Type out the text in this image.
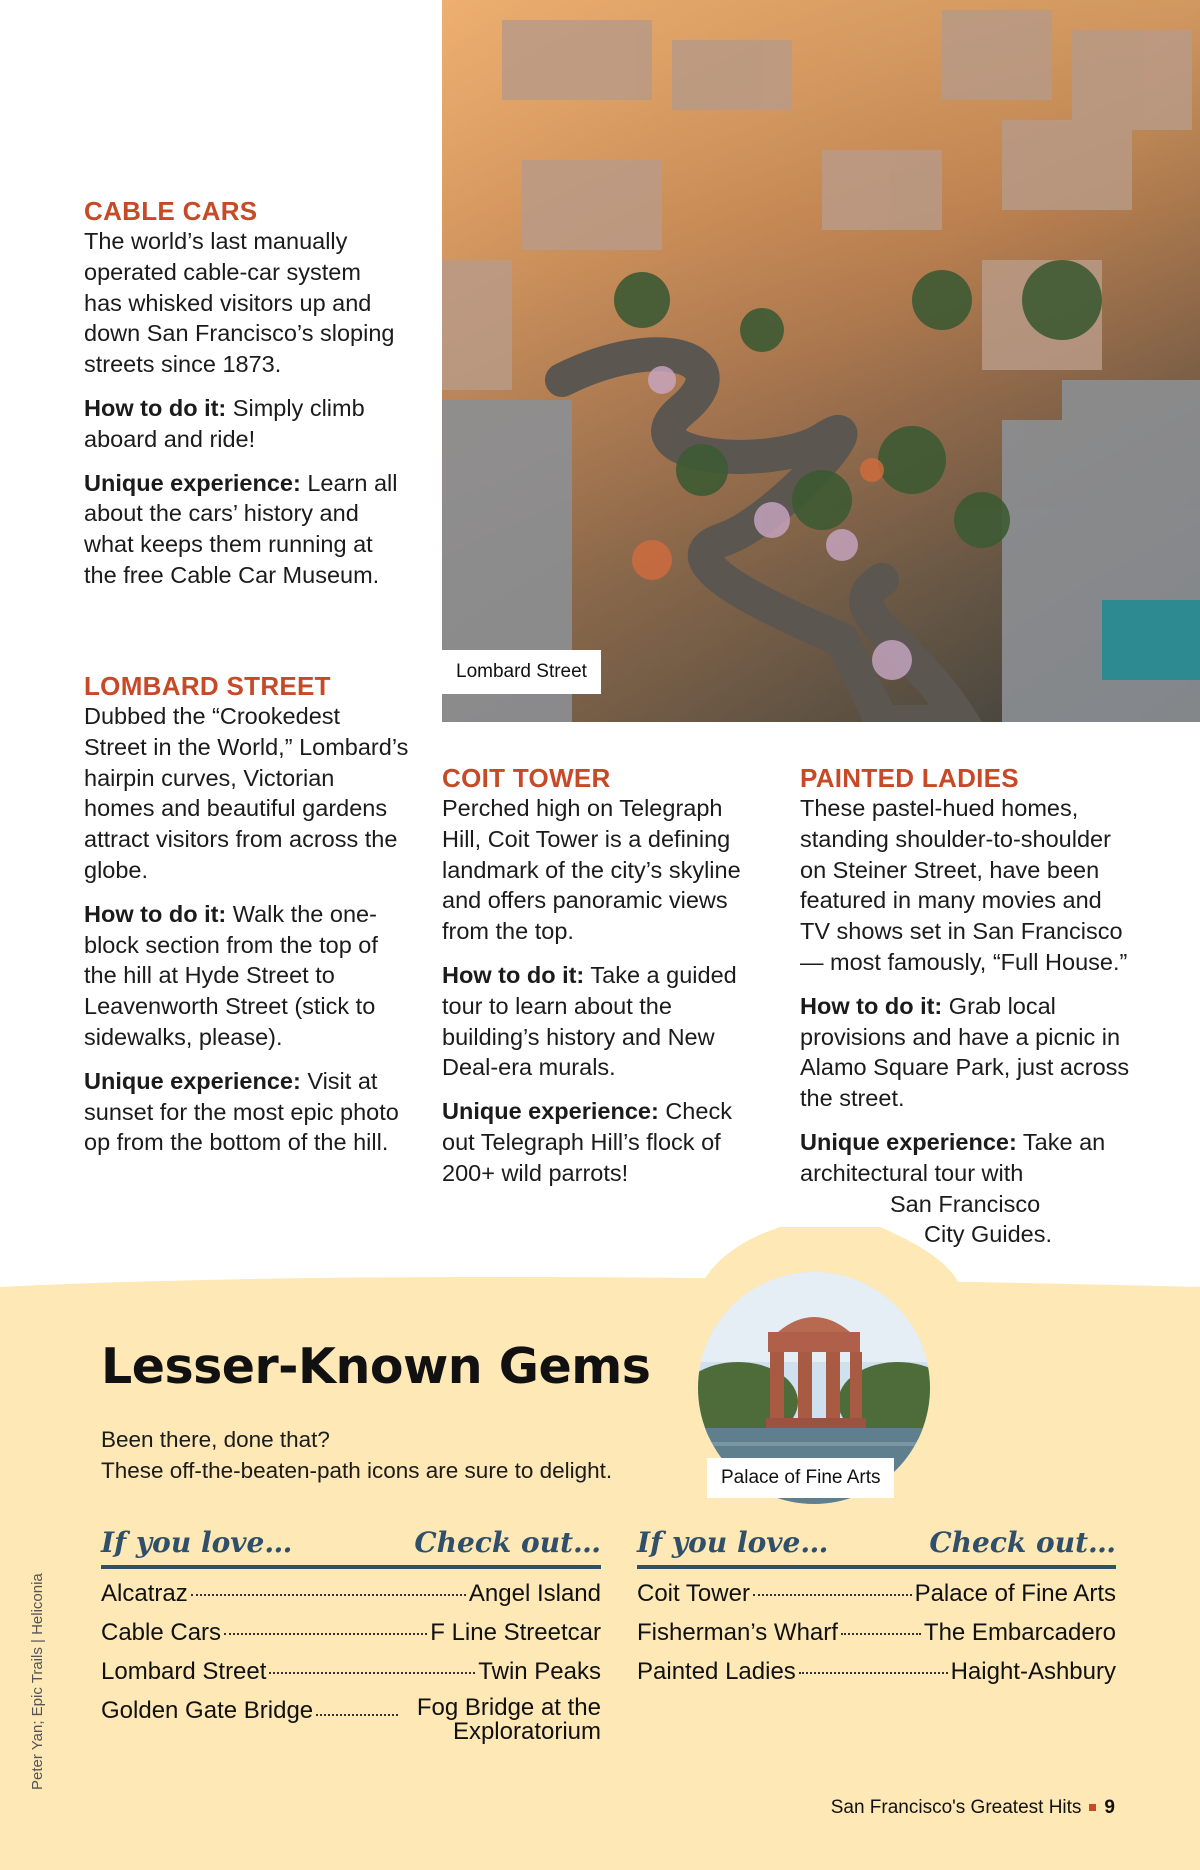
Lombard Street
CABLE CARS

The world’s last manually operated cable-car system has whisked visitors up and down San Francisco’s sloping streets since 1873.

How to do it: Simply climb aboard and ride!

Unique experience: Learn all about the cars’ history and what keeps them running at the free Cable Car Museum.

LOMBARD STREET

Dubbed the “Crookedest Street in the World,” Lombard’s hairpin curves, Victorian homes and beautiful gardens attract visitors from across the globe.

How to do it: Walk the one-block section from the top of the hill at Hyde Street to Leavenworth Street (stick to sidewalks, please).

Unique experience: Visit at sunset for the most epic photo op from the bottom of the hill.

COIT TOWER

Perched high on Telegraph Hill, Coit Tower is a defining landmark of the city’s skyline and offers panoramic views from the top.

How to do it: Take a guided tour to learn about the building’s history and New Deal-era murals.

Unique experience: Check out Telegraph Hill’s flock of 200+ wild parrots!

PAINTED LADIES

These pastel-hued homes, standing shoulder-to-shoulder on Steiner Street, have been featured in many movies and TV shows set in San Francisco — most famously, “Full House.”

How to do it: Grab local provisions and have a picnic in Alamo Square Park, just across the street.

Unique experience: Take an architectural tour with
San Francisco
City Guides.

Palace of Fine Arts
Lesser-Known Gems
Been there, done that?
These off-the-beaten-path icons are sure to delight.
If you love…	Check out…
Alcatraz	Angel Island
Cable Cars	F Line Streetcar
Lombard Street	Twin Peaks
Golden Gate Bridge	Fog Bridge at the Exploratorium
If you love…	Check out…
Coit Tower	Palace of Fine Arts
Fisherman’s Wharf	The Embarcadero
Painted Ladies	Haight-Ashbury
Peter Yan; Epic Trails | Heliconia
San Francisco's Greatest Hits 9
